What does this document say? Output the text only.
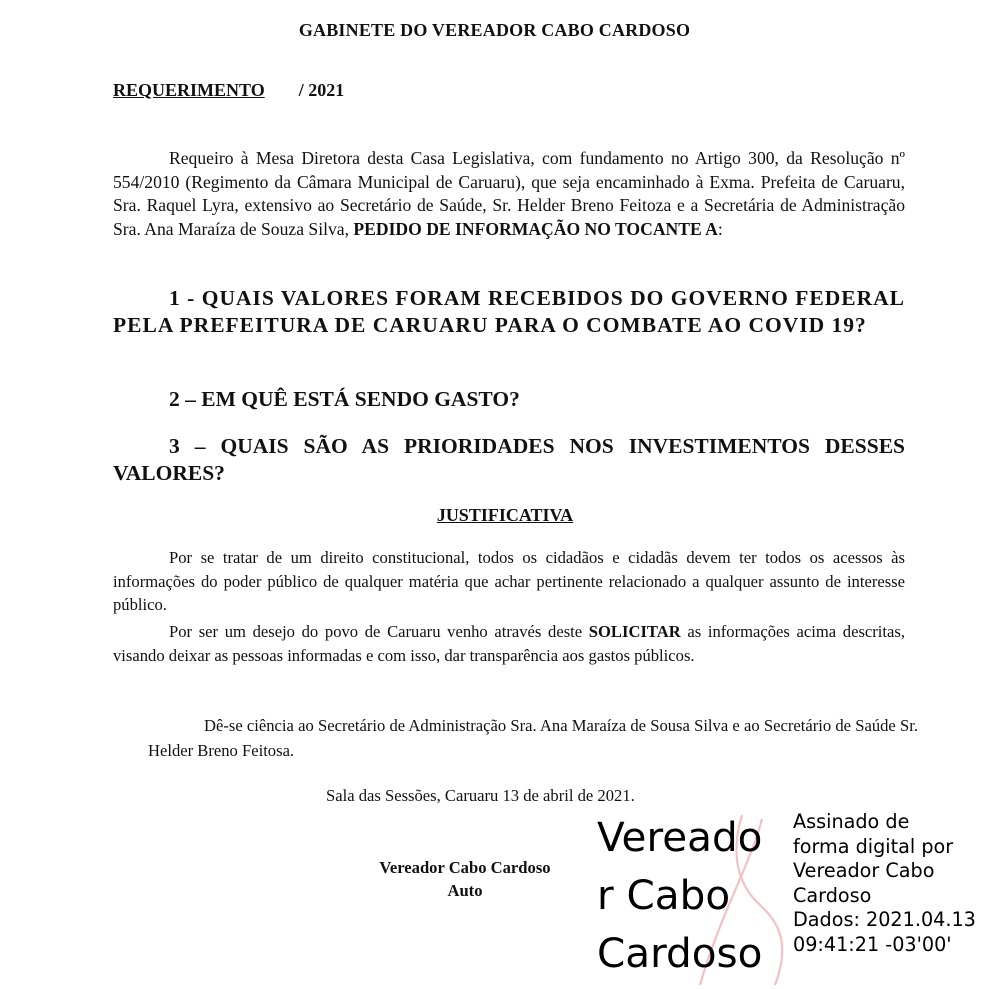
GABINETE DO VEREADOR CABO CARDOSO
REQUERIMENTO / 2021
Requeiro à Mesa Diretora desta Casa Legislativa, com fundamento no Artigo 300, da Resolução nº 554/2010 (Regimento da Câmara Municipal de Caruaru), que seja encaminhado à Exma. Prefeita de Caruaru, Sra. Raquel Lyra, extensivo ao Secretário de Saúde, Sr. Helder Breno Feitoza e a Secretária de Administração Sra. Ana Maraíza de Souza Silva, PEDIDO DE INFORMAÇÃO NO TOCANTE A:
1 - QUAIS VALORES FORAM RECEBIDOS DO GOVERNO FEDERAL PELA PREFEITURA DE CARUARU PARA O COMBATE AO COVID 19?
2 – EM QUÊ ESTÁ SENDO GASTO?
3 – QUAIS SÃO AS PRIORIDADES NOS INVESTIMENTOS DESSES VALORES?
JUSTIFICATIVA
Por se tratar de um direito constitucional, todos os cidadãos e cidadãs devem ter todos os acessos às informações do poder público de qualquer matéria que achar pertinente relacionado a qualquer assunto de interesse público.
Por ser um desejo do povo de Caruaru venho através deste SOLICITAR as informações acima descritas, visando deixar as pessoas informadas e com isso, dar transparência aos gastos públicos.
Dê-se ciência ao Secretário de Administração Sra. Ana Maraíza de Sousa Silva e ao Secretário de Saúde Sr. Helder Breno Feitosa.
Sala das Sessões, Caruaru 13 de abril de 2021.
Vereador Cabo Cardoso
Auto
Vereado
r Cabo
Cardoso
Assinado de
forma digital por
Vereador Cabo
Cardoso
Dados: 2021.04.13
09:41:21 -03'00'
